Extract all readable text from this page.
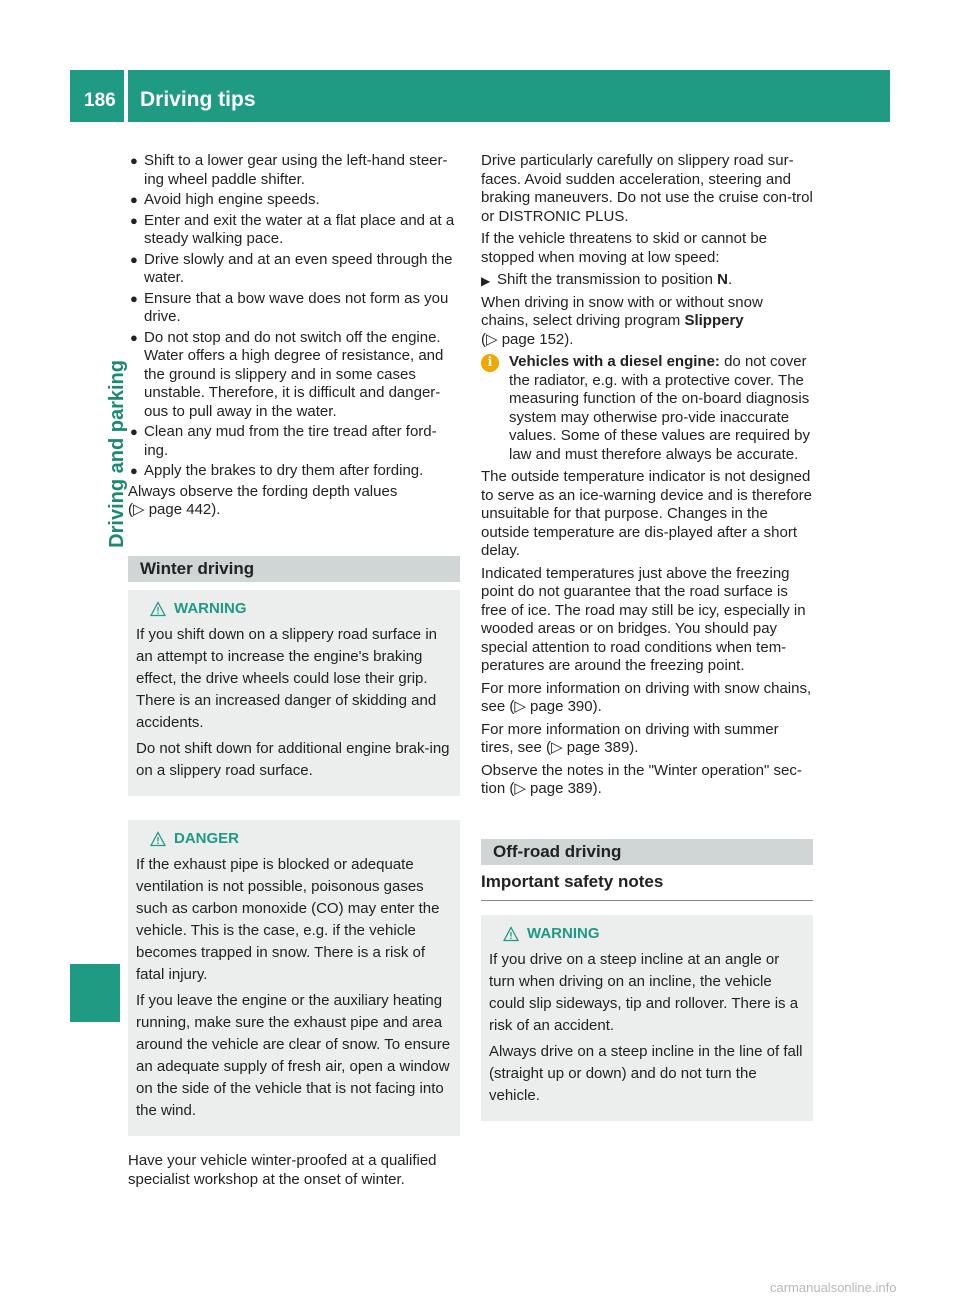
186 Driving tips
Driving and parking
● Shift to a lower gear using the left-hand steer-ing wheel paddle shifter.
● Avoid high engine speeds.
● Enter and exit the water at a flat place and at a steady walking pace.
● Drive slowly and at an even speed through the water.
● Ensure that a bow wave does not form as you drive.
● Do not stop and do not switch off the engine. Water offers a high degree of resistance, and the ground is slippery and in some cases unstable. Therefore, it is difficult and danger-ous to pull away in the water.
● Clean any mud from the tire tread after ford-ing.
● Apply the brakes to dry them after fording.

Always observe the fording depth values
(▷ page 442).

Winter driving
WARNING

If you shift down on a slippery road surface in an attempt to increase the engine's braking effect, the drive wheels could lose their grip. There is an increased danger of skidding and accidents.

Do not shift down for additional engine brak-ing on a slippery road surface.

DANGER

If the exhaust pipe is blocked or adequate ventilation is not possible, poisonous gases such as carbon monoxide (CO) may enter the vehicle. This is the case, e.g. if the vehicle becomes trapped in snow. There is a risk of fatal injury.

If you leave the engine or the auxiliary heating running, make sure the exhaust pipe and area around the vehicle are clear of snow. To ensure an adequate supply of fresh air, open a window on the side of the vehicle that is not facing into the wind.

Have your vehicle winter-proofed at a qualified specialist workshop at the onset of winter.

Drive particularly carefully on slippery road sur-faces. Avoid sudden acceleration, steering and braking maneuvers. Do not use the cruise con-trol or DISTRONIC PLUS.

If the vehicle threatens to skid or cannot be stopped when moving at low speed:

▶ Shift the transmission to position N.

When driving in snow with or without snow chains, select driving program Slippery
(▷ page 152).

i	Vehicles with a diesel engine: do not cover the radiator, e.g. with a protective cover. The measuring function of the on-board diagnosis system may otherwise pro-vide inaccurate values. Some of these values are required by law and must therefore always be accurate.

The outside temperature indicator is not designed to serve as an ice-warning device and is therefore unsuitable for that purpose. Changes in the outside temperature are dis-played after a short delay.

Indicated temperatures just above the freezing point do not guarantee that the road surface is free of ice. The road may still be icy, especially in wooded areas or on bridges. You should pay special attention to road conditions when tem-peratures are around the freezing point.

For more information on driving with snow chains, see (▷ page 390).

For more information on driving with summer tires, see (▷ page 389).

Observe the notes in the "Winter operation" sec-tion (▷ page 389).

Off-road driving
Important safety notes
WARNING

If you drive on a steep incline at an angle or turn when driving on an incline, the vehicle could slip sideways, tip and rollover. There is a risk of an accident.

Always drive on a steep incline in the line of fall (straight up or down) and do not turn the vehicle.

carmanualsonline.info
